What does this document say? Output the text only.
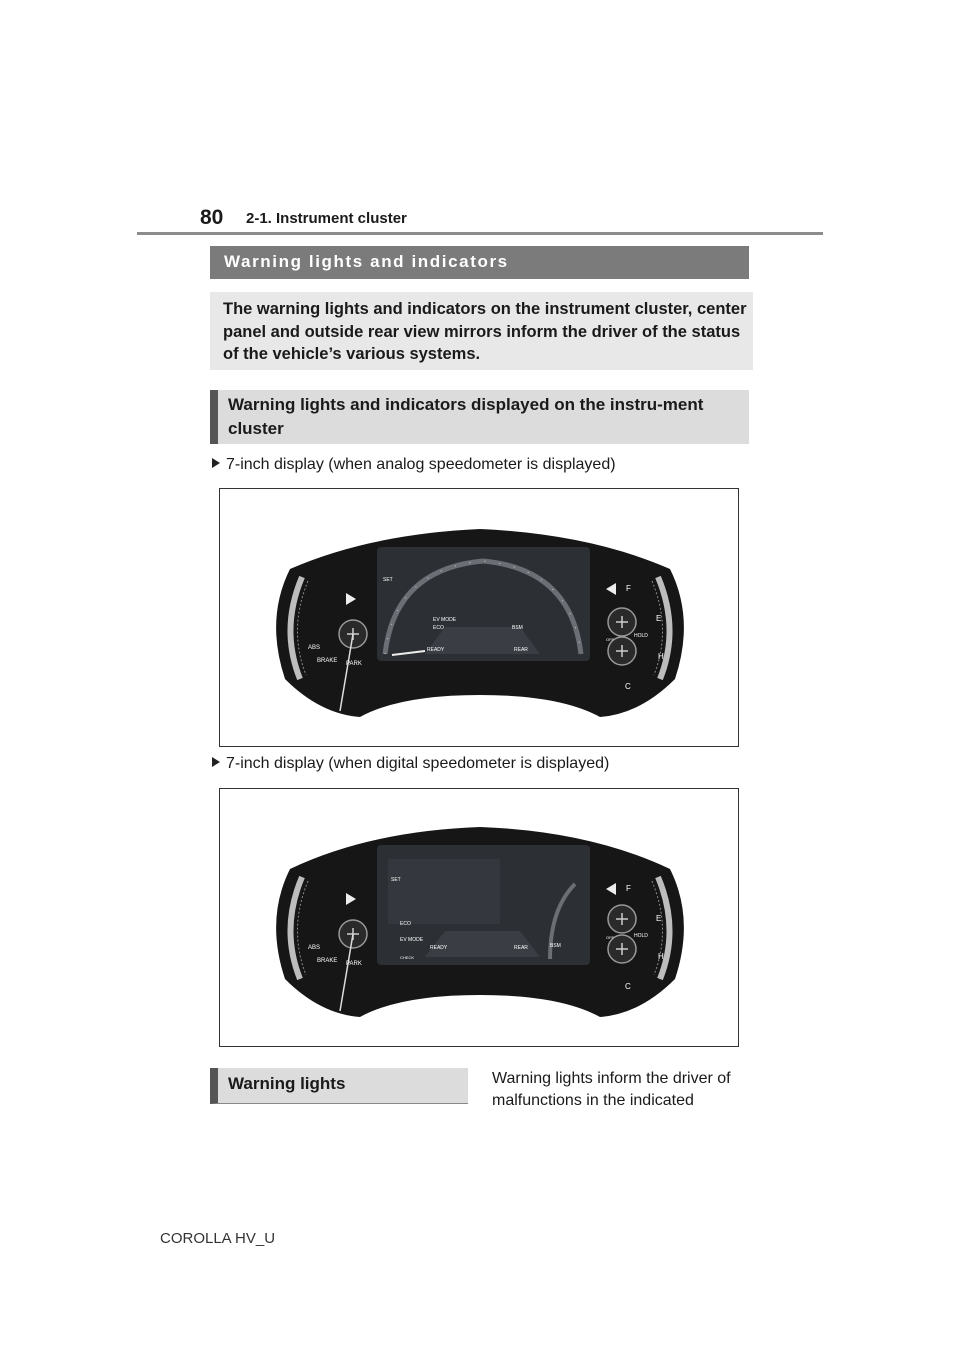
80 2-1. Instrument cluster
Warning lights and indicators

The warning lights and indicators on the instrument cluster, center panel and outside rear view mirrors inform the driver of the status of the vehicle’s various systems.

Warning lights and indicators displayed on the instru-ment cluster
7-inch display (when analog speedometer is displayed)
ABS
BRAKE PARK
SET
EV MODE
ECO	BSM
READY	REAR
HOLD
OFF
F
E
H
C
7-inch display (when digital speedometer is displayed)
ABS
BRAKE PARK
SET
ECO
EV MODE
CHECK
BSM
READY	REAR
HOLD
OFF
F
E
H
C
Warning lights	Warning lights inform the driver of malfunctions in the indicated
COROLLA HV_U
